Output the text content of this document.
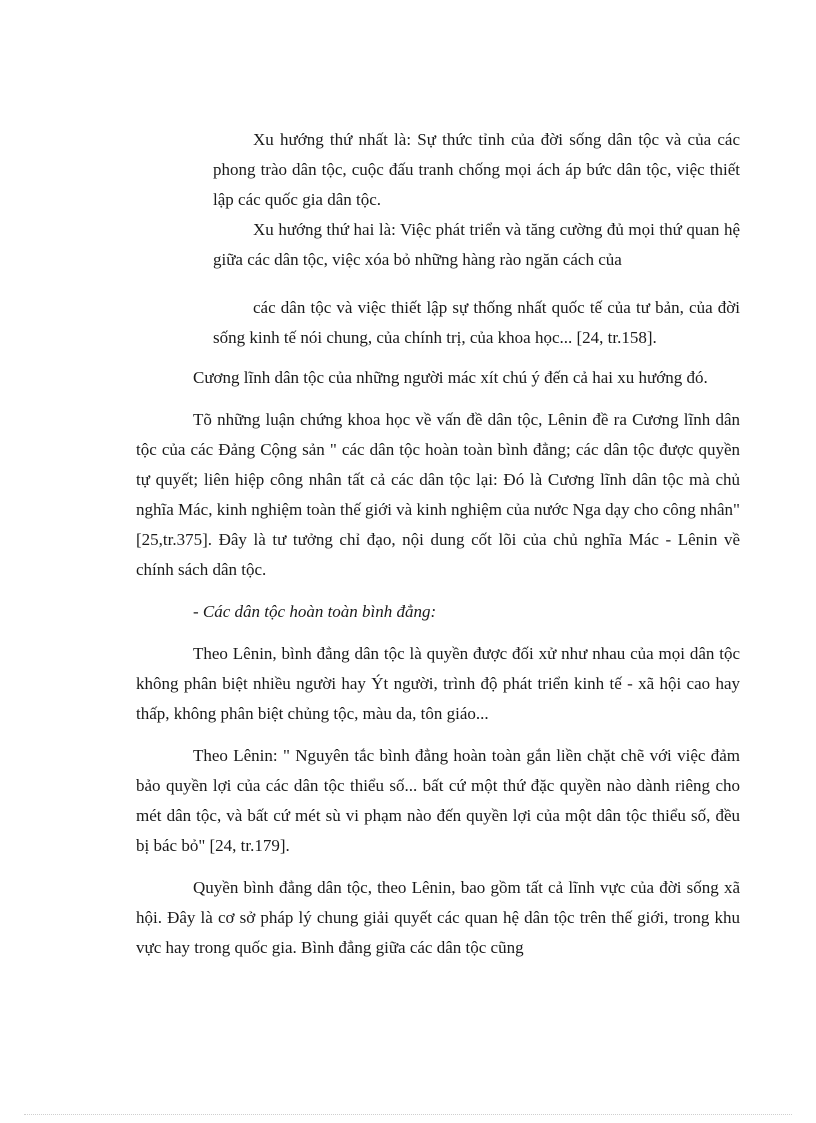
Xu hướng thứ nhất là: Sự thức tỉnh của đời sống dân tộc và của các phong trào dân tộc, cuộc đấu tranh chống mọi ách áp bức dân tộc, việc thiết lập các quốc gia dân tộc.

Xu hướng thứ hai là: Việc phát triển và tăng cường đủ mọi thứ quan hệ giữa các dân tộc, việc xóa bỏ những hàng rào ngăn cách của

các dân tộc và việc thiết lập sự thống nhất quốc tế của tư bản, của đời sống kinh tế nói chung, của chính trị, của khoa học... [24, tr.158].

Cương lĩnh dân tộc của những người mác xít chú ý đến cả hai xu hướng đó.

Tõ những luận chứng khoa học về vấn đề dân tộc, Lênin đề ra Cương lĩnh dân tộc của các Đảng Cộng sản " các dân tộc hoàn toàn bình đẳng; các dân tộc được quyền tự quyết; liên hiệp công nhân tất cả các dân tộc lại: Đó là Cương lĩnh dân tộc mà chủ nghĩa Mác, kinh nghiệm toàn thế giới và kinh nghiệm của nước Nga dạy cho công nhân" [25,tr.375]. Đây là tư tưởng chỉ đạo, nội dung cốt lõi của chủ nghĩa Mác - Lênin về chính sách dân tộc.

- Các dân tộc hoàn toàn bình đẳng:

Theo Lênin, bình đẳng dân tộc là quyền được đối xử như nhau của mọi dân tộc không phân biệt nhiều người hay Ýt người, trình độ phát triển kinh tế - xã hội cao hay thấp, không phân biệt chủng tộc, màu da, tôn giáo...

Theo Lênin: " Nguyên tắc bình đẳng hoàn toàn gắn liền chặt chẽ với việc đảm bảo quyền lợi của các dân tộc thiểu số... bất cứ một thứ đặc quyền nào dành riêng cho mét dân tộc, và bất cứ mét sù vi phạm nào đến quyền lợi của một dân tộc thiểu số, đều bị bác bỏ" [24, tr.179].

Quyền bình đẳng dân tộc, theo Lênin, bao gồm tất cả lĩnh vực của đời sống xã hội. Đây là cơ sở pháp lý chung giải quyết các quan hệ dân tộc trên thế giới, trong khu vực hay trong quốc gia. Bình đẳng giữa các dân tộc cũng
